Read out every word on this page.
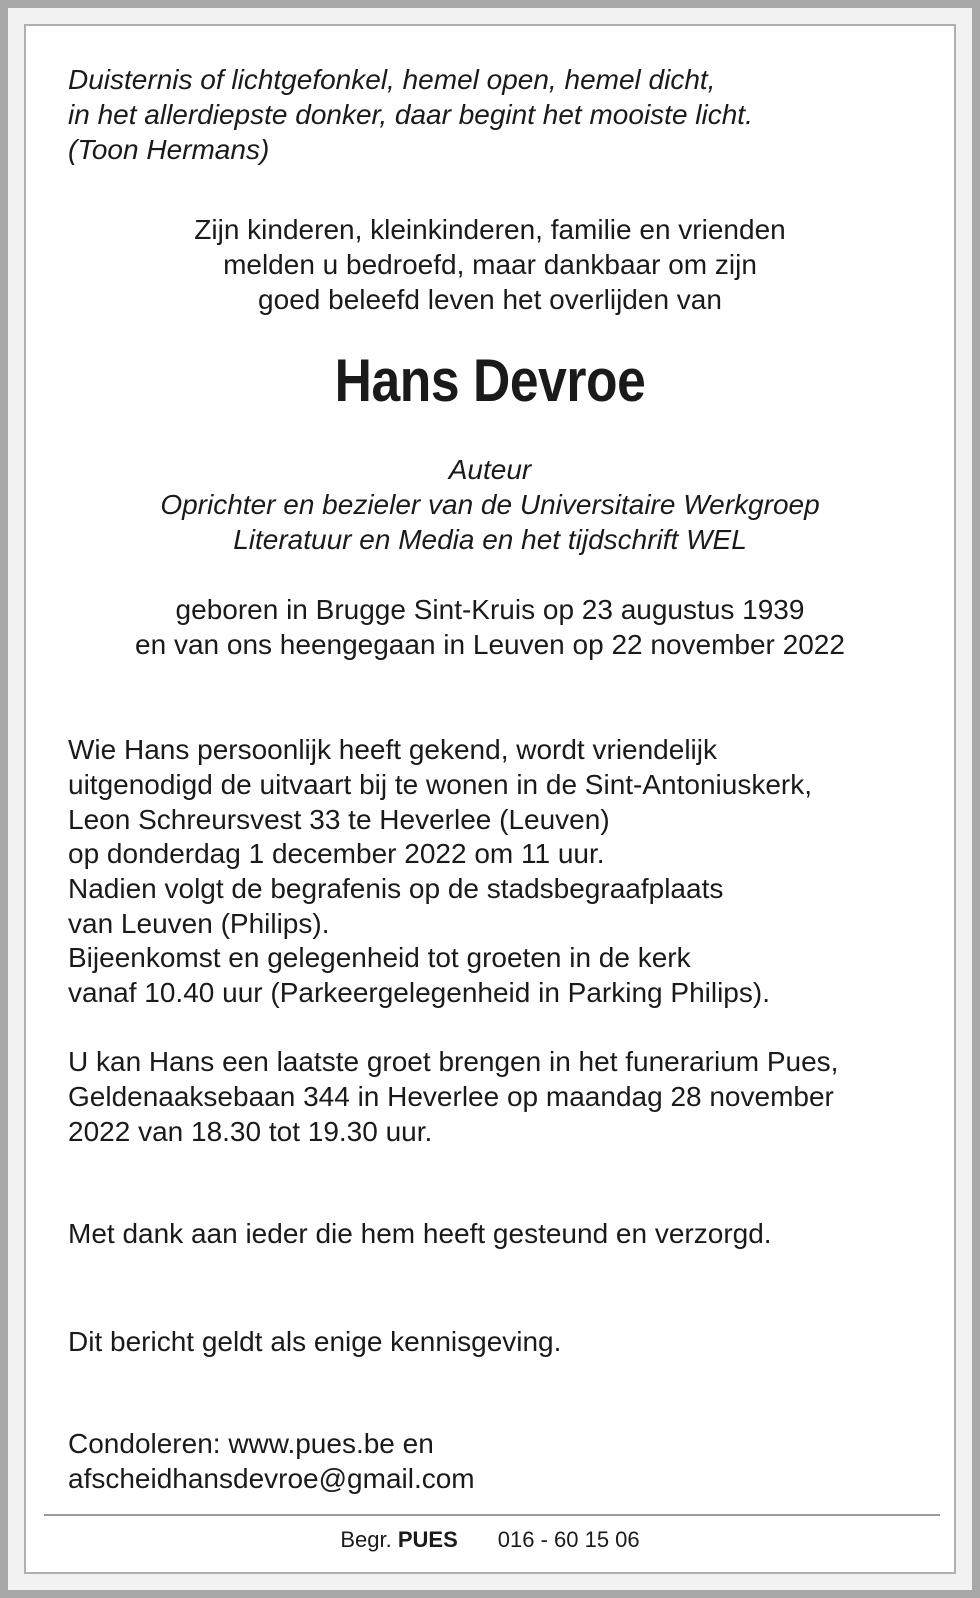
Duisternis of lichtgefonkel, hemel open, hemel dicht,
in het allerdiepste donker, daar begint het mooiste licht.
(Toon Hermans)
Zijn kinderen, kleinkinderen, familie en vrienden
melden u bedroefd, maar dankbaar om zijn
goed beleefd leven het overlijden van
Hans Devroe
Auteur
Oprichter en bezieler van de Universitaire Werkgroep
Literatuur en Media en het tijdschrift WEL
geboren in Brugge Sint-Kruis op 23 augustus 1939
en van ons heengegaan in Leuven op 22 november 2022
Wie Hans persoonlijk heeft gekend, wordt vriendelijk
uitgenodigd de uitvaart bij te wonen in de Sint-Antoniuskerk,
Leon Schreursvest 33 te Heverlee (Leuven)
op donderdag 1 december 2022 om 11 uur.
Nadien volgt de begrafenis op de stadsbegraafplaats
van Leuven (Philips).
Bijeenkomst en gelegenheid tot groeten in de kerk
vanaf 10.40 uur (Parkeergelegenheid in Parking Philips).
U kan Hans een laatste groet brengen in het funerarium Pues,
Geldenaaksebaan 344 in Heverlee op maandag 28 november
2022 van 18.30 tot 19.30 uur.
Met dank aan ieder die hem heeft gesteund en verzorgd.
Dit bericht geldt als enige kennisgeving.
Condoleren: www.pues.be en
afscheidhansdevroe@gmail.com
Begr. PUES 016 - 60 15 06
